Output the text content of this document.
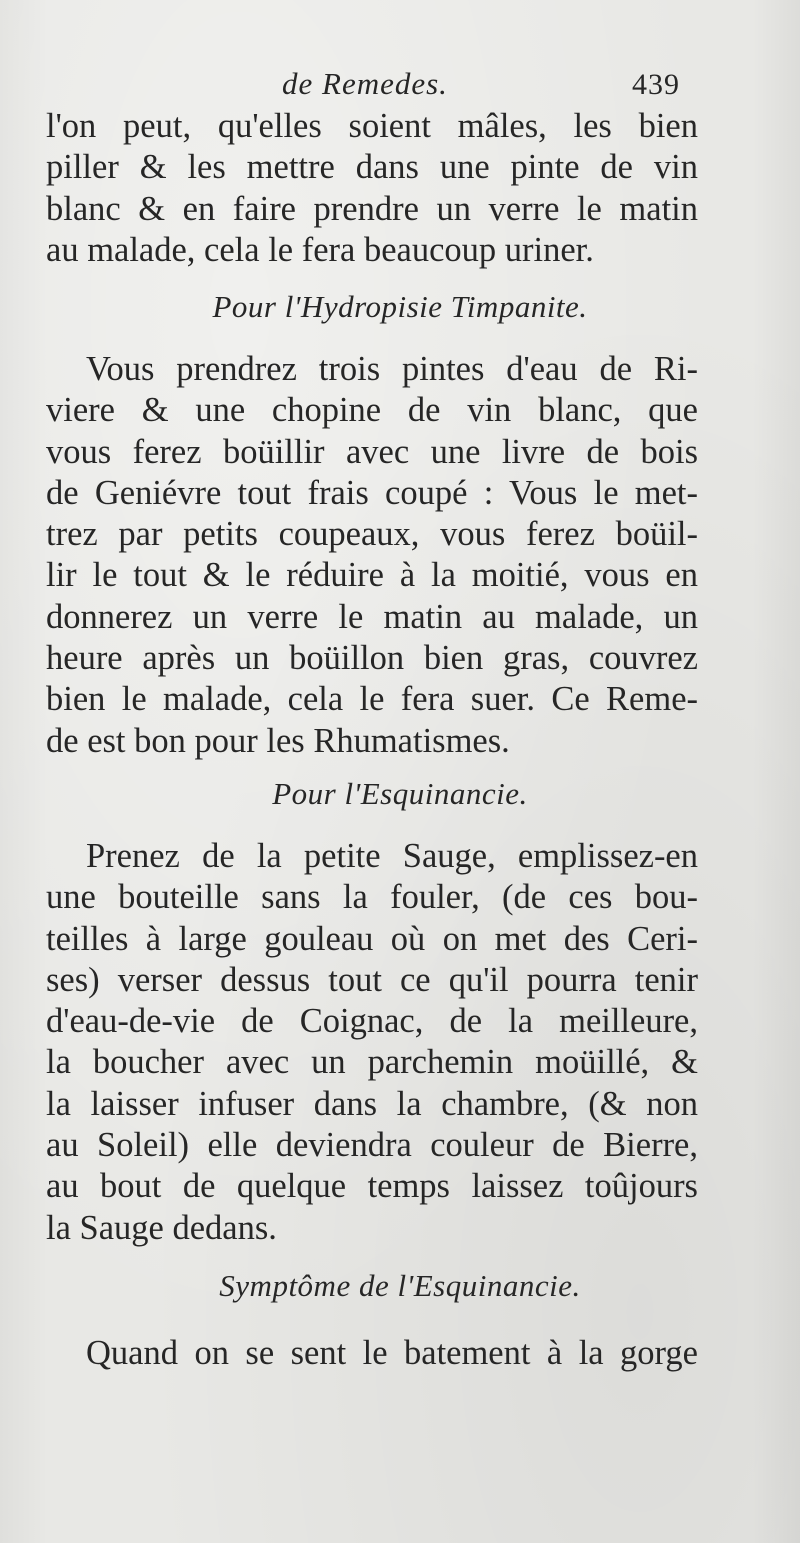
de Remedes.	439
l'on peut, qu'elles soient mâles, les bien
piller & les mettre dans une pinte de vin
blanc & en faire prendre un verre le matin
au malade, cela le fera beaucoup uriner.
Pour l'Hydropisie Timpanite.
Vous prendrez trois pintes d'eau de Ri-
viere & une chopine de vin blanc, que
vous ferez boüillir avec une livre de bois
de Geniévre tout frais coupé : Vous le met-
trez par petits coupeaux, vous ferez boüil-
lir le tout & le réduire à la moitié, vous en
donnerez un verre le matin au malade, un
heure après un boüillon bien gras, couvrez
bien le malade, cela le fera suer. Ce Reme-
de est bon pour les Rhumatismes.
Pour l'Esquinancie.
Prenez de la petite Sauge, emplissez-en
une bouteille sans la fouler, (de ces bou-
teilles à large gouleau où on met des Ceri-
ses) verser dessus tout ce qu'il pourra tenir
d'eau-de-vie de Coignac, de la meilleure,
la boucher avec un parchemin moüillé, &
la laisser infuser dans la chambre, (& non
au Soleil) elle deviendra couleur de Bierre,
au bout de quelque temps laissez toûjours
la Sauge dedans.
Symptôme de l'Esquinancie.
Quand on se sent le batement à la gorge
